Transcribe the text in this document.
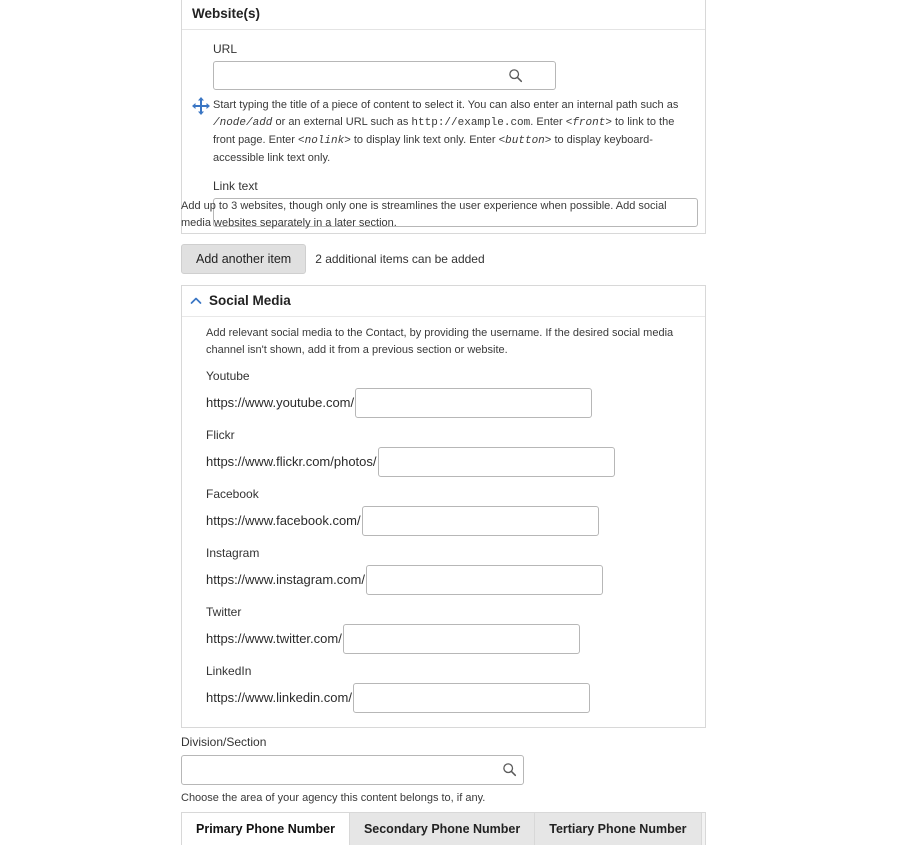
Website(s)
URL
Start typing the title of a piece of content to select it. You can also enter an internal path such as /node/add or an external URL such as http://example.com. Enter <front> to link to the front page. Enter <nolink> to display link text only. Enter <button> to display keyboard-accessible link text only.
Link text
Add up to 3 websites, though only one is streamlines the user experience when possible. Add social media websites separately in a later section.
Add another item	2 additional items can be added
Social Media
Add relevant social media to the Contact, by providing the username. If the desired social media channel isn't shown, add it from a previous section or website.
Youtube
https://www.youtube.com/
Flickr
https://www.flickr.com/photos/
Facebook
https://www.facebook.com/
Instagram
https://www.instagram.com/
Twitter
https://www.twitter.com/
LinkedIn
https://www.linkedin.com/
Division/Section
Choose the area of your agency this content belongs to, if any.
Primary Phone Number	Secondary Phone Number	Tertiary Phone Number
